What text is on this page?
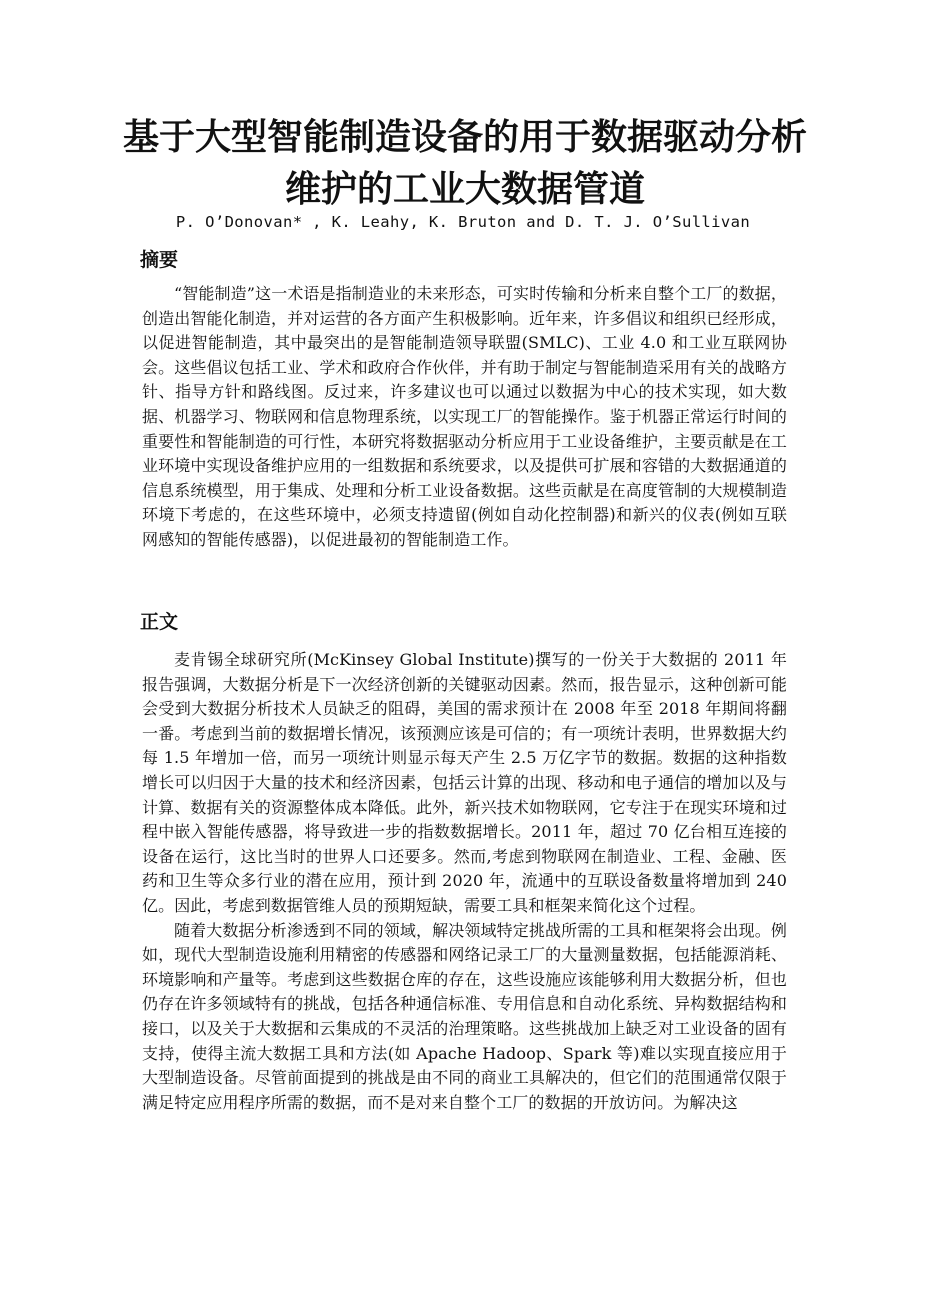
基于大型智能制造设备的用于数据驱动分析维护的工业大数据管道

P. O’Donovan* , K. Leahy, K. Bruton and D. T. J. O’Sullivan

摘要

“智能制造”这一术语是指制造业的未来形态，可实时传输和分析来自整个工厂的数据，创造出智能化制造，并对运营的各方面产生积极影响。近年来，许多倡议和组织已经形成，以促进智能制造，其中最突出的是智能制造领导联盟(SMLC)、工业 4.0 和工业互联网协会。这些倡议包括工业、学术和政府合作伙伴，并有助于制定与智能制造采用有关的战略方针、指导方针和路线图。反过来，许多建议也可以通过以数据为中心的技术实现，如大数据、机器学习、物联网和信息物理系统，以实现工厂的智能操作。鉴于机器正常运行时间的重要性和智能制造的可行性，本研究将数据驱动分析应用于工业设备维护，主要贡献是在工业环境中实现设备维护应用的一组数据和系统要求，以及提供可扩展和容错的大数据通道的信息系统模型，用于集成、处理和分析工业设备数据。这些贡献是在高度管制的大规模制造环境下考虑的，在这些环境中，必须支持遗留(例如自动化控制器)和新兴的仪表(例如互联网感知的智能传感器)，以促进最初的智能制造工作。

正文

麦肯锡全球研究所(McKinsey Global Institute)撰写的一份关于大数据的 2011 年报告强调，大数据分析是下一次经济创新的关键驱动因素。然而，报告显示，这种创新可能会受到大数据分析技术人员缺乏的阻碍，美国的需求预计在 2008 年至 2018 年期间将翻一番。考虑到当前的数据增长情况，该预测应该是可信的；有一项统计表明，世界数据大约每 1.5 年增加一倍，而另一项统计则显示每天产生 2.5 万亿字节的数据。数据的这种指数增长可以归因于大量的技术和经济因素，包括云计算的出现、移动和电子通信的增加以及与计算、数据有关的资源整体成本降低。此外，新兴技术如物联网，它专注于在现实环境和过程中嵌入智能传感器，将导致进一步的指数数据增长。2011 年，超过 70 亿台相互连接的设备在运行，这比当时的世界人口还要多。然而,考虑到物联网在制造业、工程、金融、医药和卫生等众多行业的潜在应用，预计到 2020 年，流通中的互联设备数量将增加到 240 亿。因此，考虑到数据管维人员的预期短缺，需要工具和框架来简化这个过程。

随着大数据分析渗透到不同的领域，解决领域特定挑战所需的工具和框架将会出现。例如，现代大型制造设施利用精密的传感器和网络记录工厂的大量测量数据，包括能源消耗、环境影响和产量等。考虑到这些数据仓库的存在，这些设施应该能够利用大数据分析，但也仍存在许多领域特有的挑战，包括各种通信标准、专用信息和自动化系统、异构数据结构和接口，以及关于大数据和云集成的不灵活的治理策略。这些挑战加上缺乏对工业设备的固有支持，使得主流大数据工具和方法(如 Apache Hadoop、Spark 等)难以实现直接应用于大型制造设备。尽管前面提到的挑战是由不同的商业工具解决的，但它们的范围通常仅限于满足特定应用程序所需的数据，而不是对来自整个工厂的数据的开放访问。为解决这
